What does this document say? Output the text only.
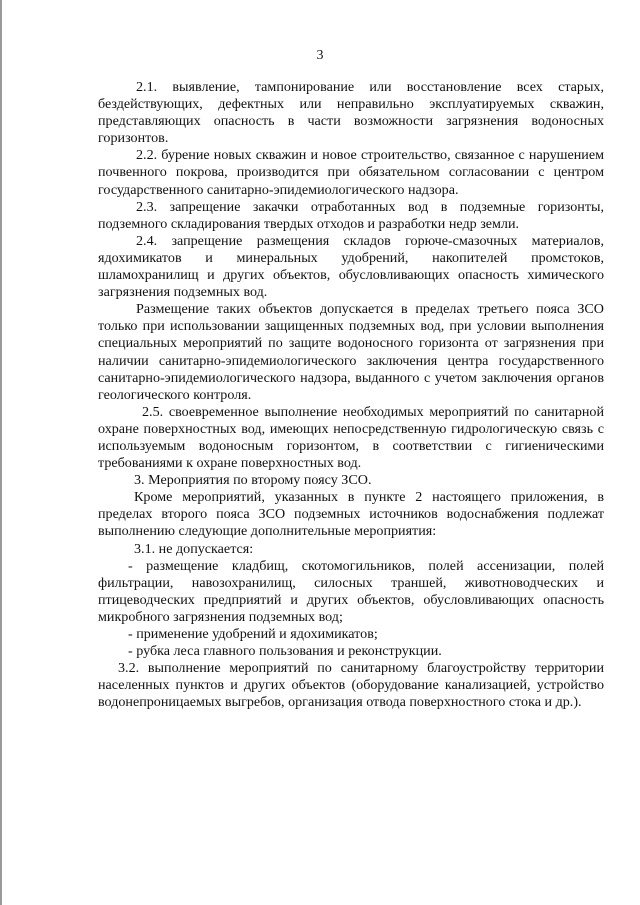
3

2.1. выявление, тампонирование или восстановление всех старых, бездействующих, дефектных или неправильно эксплуатируемых скважин, представляющих опасность в части возможности загрязнения водоносных горизонтов.

2.2. бурение новых скважин и новое строительство, связанное с нарушением почвенного покрова, производится при обязательном согласовании с центром государственного санитарно-эпидемиологического надзора.

2.3. запрещение закачки отработанных вод в подземные горизонты, подземного складирования твердых отходов и разработки недр земли.

2.4. запрещение размещения складов горюче-смазочных материалов, ядохимикатов и минеральных удобрений, накопителей промстоков, шламохранилищ и других объектов, обусловливающих опасность химического загрязнения подземных вод.

Размещение таких объектов допускается в пределах третьего пояса ЗСО только при использовании защищенных подземных вод, при условии выполнения специальных мероприятий по защите водоносного горизонта от загрязнения при наличии санитарно-эпидемиологического заключения центра государственного санитарно-эпидемиологического надзора, выданного с учетом заключения органов геологического контроля.

2.5. своевременное выполнение необходимых мероприятий по санитарной охране поверхностных вод, имеющих непосредственную гидрологическую связь с используемым водоносным горизонтом, в соответствии с гигиеническими требованиями к охране поверхностных вод.

3. Мероприятия по второму поясу ЗСО.

Кроме мероприятий, указанных в пункте 2 настоящего приложения, в пределах второго пояса ЗСО подземных источников водоснабжения подлежат выполнению следующие дополнительные мероприятия:

3.1. не допускается:

- размещение кладбищ, скотомогильников, полей ассенизации, полей фильтрации, навозохранилищ, силосных траншей, животноводческих и птицеводческих предприятий и других объектов, обусловливающих опасность микробного загрязнения подземных вод;

- применение удобрений и ядохимикатов;

- рубка леса главного пользования и реконструкции.

3.2. выполнение мероприятий по санитарному благоустройству территории населенных пунктов и других объектов (оборудование канализацией, устройство водонепроницаемых выгребов, организация отвода поверхностного стока и др.).
